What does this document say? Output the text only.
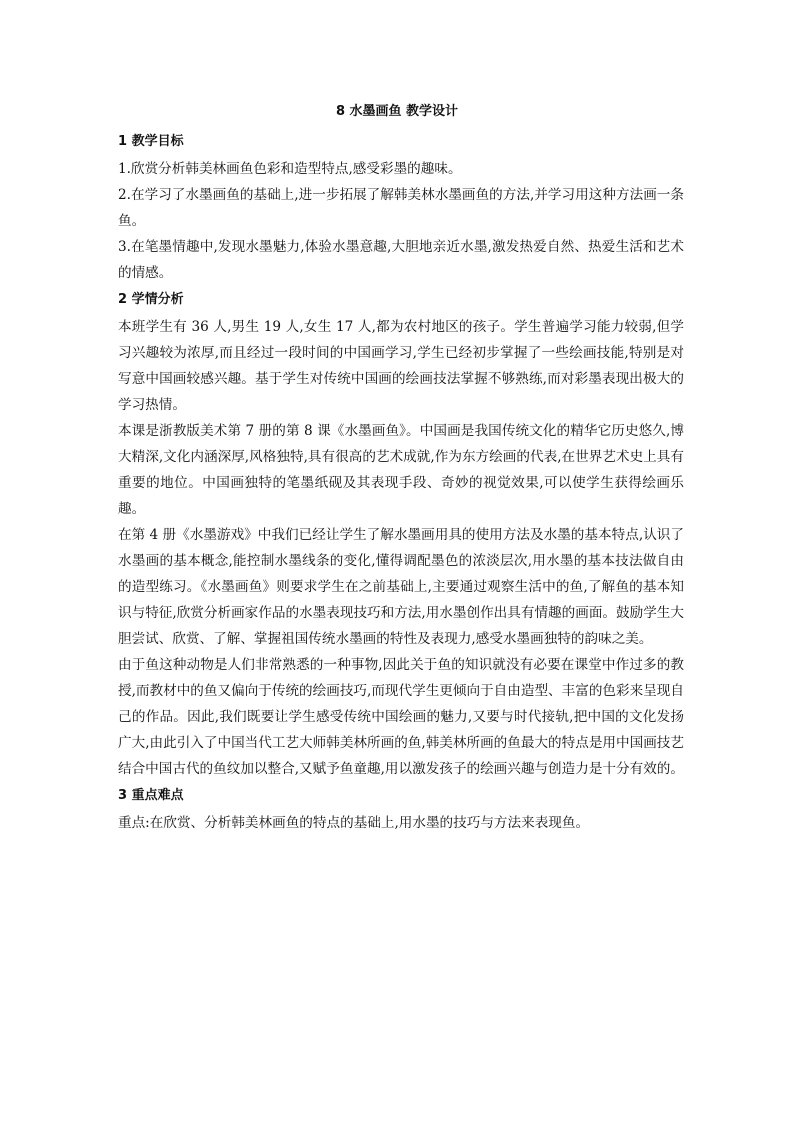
8 水墨画鱼 教学设计
1 教学目标

1.欣赏分析韩美林画鱼色彩和造型特点,感受彩墨的趣味。

2.在学习了水墨画鱼的基础上,进一步拓展了解韩美林水墨画鱼的方法,并学习用这种方法画一条鱼。

3.在笔墨情趣中,发现水墨魅力,体验水墨意趣,大胆地亲近水墨,激发热爱自然、热爱生活和艺术的情感。

2 学情分析

本班学生有 36 人,男生 19 人,女生 17 人,都为农村地区的孩子。学生普遍学习能力较弱,但学习兴趣较为浓厚,而且经过一段时间的中国画学习,学生已经初步掌握了一些绘画技能,特别是对写意中国画较感兴趣。基于学生对传统中国画的绘画技法掌握不够熟练,而对彩墨表现出极大的学习热情。

本课是浙教版美术第 7 册的第 8 课《水墨画鱼》。中国画是我国传统文化的精华它历史悠久,博大精深,文化内涵深厚,风格独特,具有很高的艺术成就,作为东方绘画的代表,在世界艺术史上具有重要的地位。中国画独特的笔墨纸砚及其表现手段、奇妙的视觉效果,可以使学生获得绘画乐趣。

在第 4 册《水墨游戏》中我们已经让学生了解水墨画用具的使用方法及水墨的基本特点,认识了水墨画的基本概念,能控制水墨线条的变化,懂得调配墨色的浓淡层次,用水墨的基本技法做自由的造型练习。《水墨画鱼》则要求学生在之前基础上,主要通过观察生活中的鱼,了解鱼的基本知识与特征,欣赏分析画家作品的水墨表现技巧和方法,用水墨创作出具有情趣的画面。鼓励学生大胆尝试、欣赏、了解、掌握祖国传统水墨画的特性及表现力,感受水墨画独特的韵味之美。

由于鱼这种动物是人们非常熟悉的一种事物,因此关于鱼的知识就没有必要在课堂中作过多的教授,而教材中的鱼又偏向于传统的绘画技巧,而现代学生更倾向于自由造型、丰富的色彩来呈现自己的作品。因此,我们既要让学生感受传统中国绘画的魅力,又要与时代接轨,把中国的文化发扬广大,由此引入了中国当代工艺大师韩美林所画的鱼,韩美林所画的鱼最大的特点是用中国画技艺结合中国古代的鱼纹加以整合,又赋予鱼童趣,用以激发孩子的绘画兴趣与创造力是十分有效的。

3 重点难点

重点:在欣赏、分析韩美林画鱼的特点的基础上,用水墨的技巧与方法来表现鱼。
